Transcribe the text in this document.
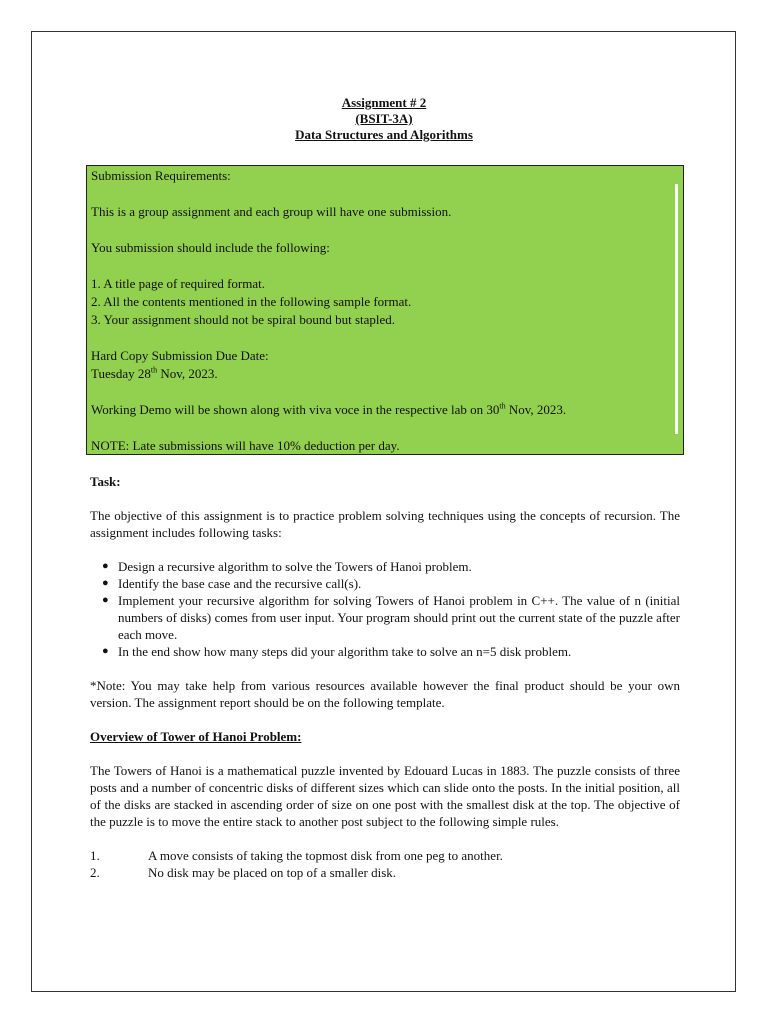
Assignment # 2
(BSIT-3A)
Data Structures and Algorithms

Submission Requirements:

This is a group assignment and each group will have one submission.

You submission should include the following:

1. A title page of required format.

2. All the contents mentioned in the following sample format.

3. Your assignment should not be spiral bound but stapled.

Hard Copy Submission Due Date:

Tuesday 28th Nov, 2023.

Working Demo will be shown along with viva voce in the respective lab on 30th Nov, 2023.

NOTE: Late submissions will have 10% deduction per day.

Task:

The objective of this assignment is to practice problem solving techniques using the concepts of recursion. The assignment includes following tasks:

● Design a recursive algorithm to solve the Towers of Hanoi problem.
● Identify the base case and the recursive call(s).
● Implement your recursive algorithm for solving Towers of Hanoi problem in C++. The value of n (initial numbers of disks) comes from user input. Your program should print out the current state of the puzzle after each move.
● In the end show how many steps did your algorithm take to solve an n=5 disk problem.

*Note: You may take help from various resources available however the final product should be your own version. The assignment report should be on the following template.

Overview of Tower of Hanoi Problem:

The Towers of Hanoi is a mathematical puzzle invented by Edouard Lucas in 1883. The puzzle consists of three posts and a number of concentric disks of different sizes which can slide onto the posts. In the initial position, all of the disks are stacked in ascending order of size on one post with the smallest disk at the top. The objective of the puzzle is to move the entire stack to another post subject to the following simple rules.

1.	A move consists of taking the topmost disk from one peg to another.
2.	No disk may be placed on top of a smaller disk.
